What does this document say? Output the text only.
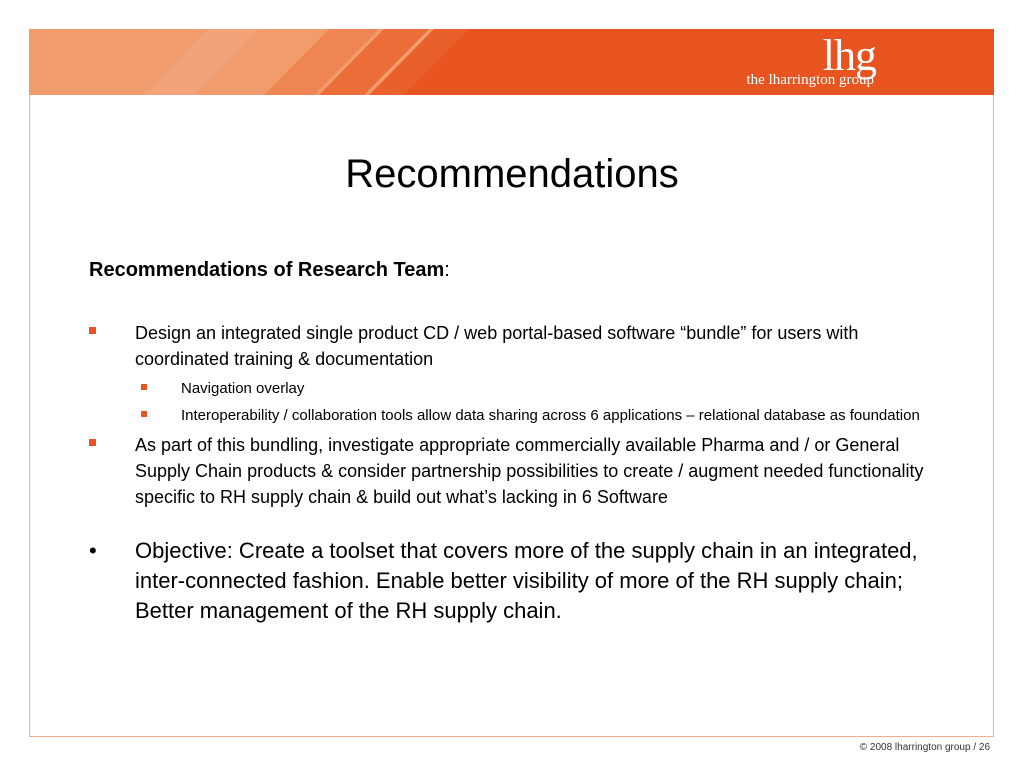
lhg
the lharrington group
Recommendations
Recommendations of Research Team:
Design an integrated single product CD / web portal-based software “bundle” for users with coordinated training & documentation
Navigation overlay
Interoperability / collaboration tools allow data sharing across 6 applications – relational database as foundation
As part of this bundling, investigate appropriate commercially available Pharma and / or General Supply Chain products & consider partnership possibilities to create / augment needed functionality specific to RH supply chain & build out what’s lacking in 6 Software
• Objective: Create a toolset that covers more of the supply chain in an integrated, inter-connected fashion. Enable better visibility of more of the RH supply chain; Better management of the RH supply chain.
© 2008 lharrington group / 26
